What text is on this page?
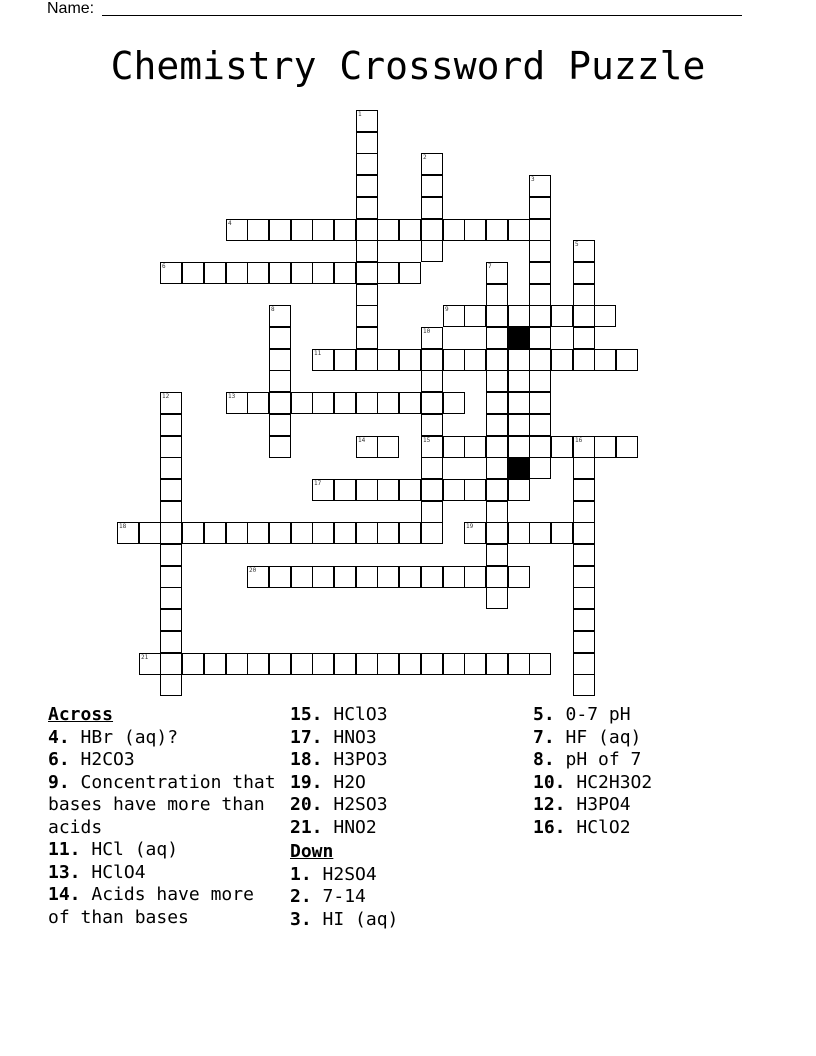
Name:
Chemistry Crossword Puzzle
1
2
3
4
5
6	7
8	9
10
11
12	13
14	15	16
17
18	19
20
21

Across

4. HBr (aq)?

6. H2CO3

9. Concentration that bases have more than acids

11. HCl (aq)

13. HClO4

14. Acids have more of than bases

15. HClO3

17. HNO3

18. H3PO3

19. H2O

20. H2SO3

21. HNO2

Down

1. H2SO4

2. 7-14

3. HI (aq)

5. 0-7 pH

7. HF (aq)

8. pH of 7

10. HC2H3O2

12. H3PO4

16. HClO2
